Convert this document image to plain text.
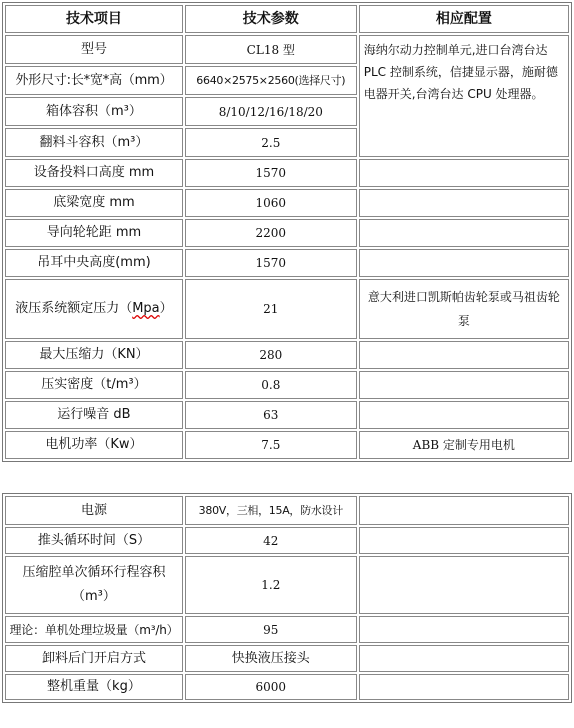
技术项目	技术参数	相应配置
型号	CL18 型	海纳尔动力控制单元,进口台湾台达 PLC 控制系统，信捷显示器，施耐德电器开关,台湾台达 CPU 处理器。
外形尺寸:长*宽*高（mm）	6640×2575×2560(选择尺寸)	
箱体容积（m³）	8/10/12/16/18/20	
翻料斗容积（m³）	2.5	
设备投料口高度 mm	1570	
底梁宽度 mm	1060	
导向轮轮距 mm	2200	
吊耳中央高度(mm)	1570	
液压系统额定压力（Mpa）	21	意大利进口凯斯帕齿轮泵或马祖齿轮泵
最大压缩力（KN）	280	
压实密度（t/m³）	0.8	
运行噪音 dB	63	
电机功率（Kw）	7.5	ABB 定制专用电机
电源	380V，三相，15A，防水设计	
推头循环时间（S）	42	
压缩腔单次循环行程容积（m³）	1.2	
理论：单机处理垃圾量（m³/h）	95	
卸料后门开启方式	快换液压接头	
整机重量（kg）	6000	
